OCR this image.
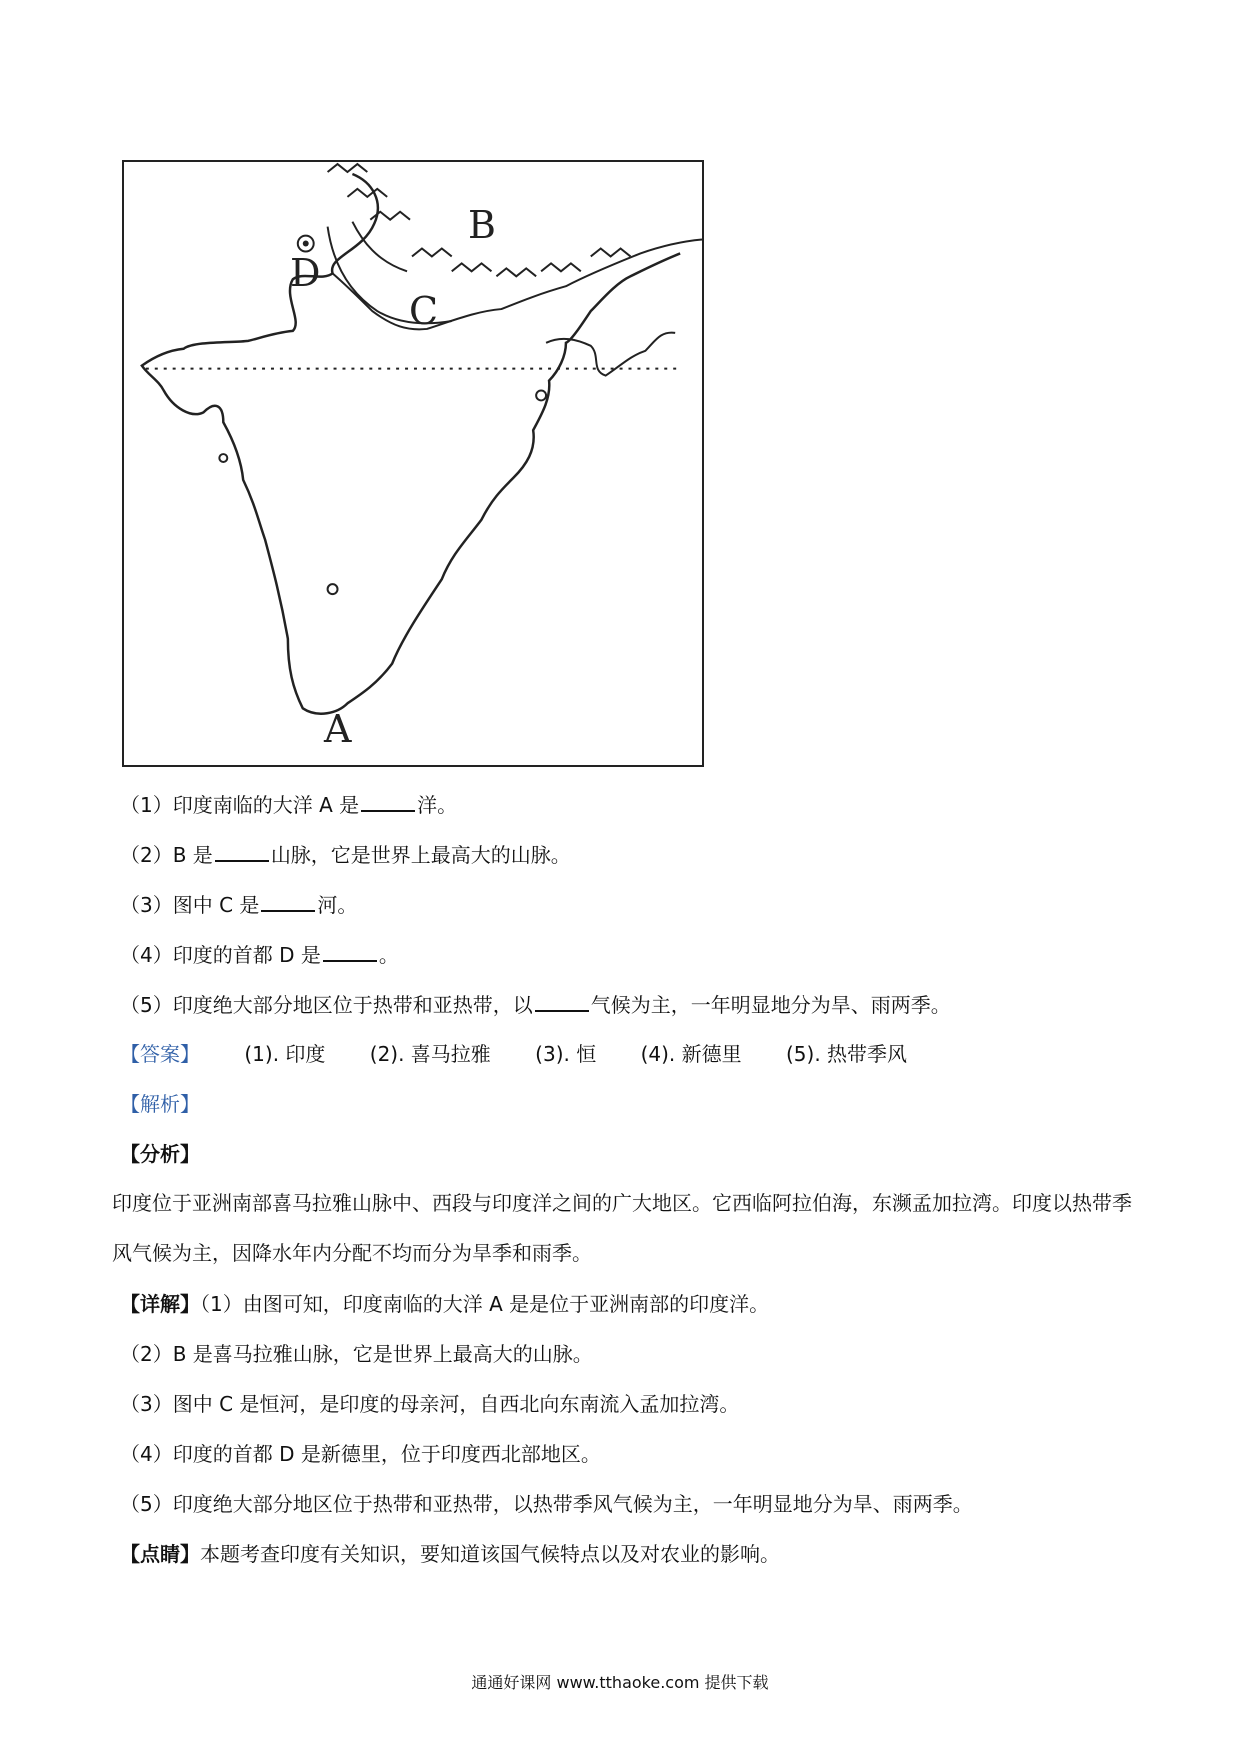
B
D
C
A
（1）印度南临的大洋 A 是	洋。
（2）B 是	山脉，它是世界上最高大的山脉。
（3）图中 C 是	河。
（4）印度的首都 D 是	。
（5）印度绝大部分地区位于热带和亚热带，以	气候为主，一年明显地分为旱、雨两季。
【答案】 (1). 印度 (2). 喜马拉雅 (3). 恒 (4). 新德里 (5). 热带季风
【解析】
【分析】
印度位于亚洲南部喜马拉雅山脉中、西段与印度洋之间的广大地区。它西临阿拉伯海，东濒孟加拉湾。印度以热带季风气候为主，因降水年内分配不均而分为旱季和雨季。
【详解】（1）由图可知，印度南临的大洋 A 是是位于亚洲南部的印度洋。
（2）B 是喜马拉雅山脉，它是世界上最高大的山脉。
（3）图中 C 是恒河，是印度的母亲河，自西北向东南流入孟加拉湾。
（4）印度的首都 D 是新德里，位于印度西北部地区。
（5）印度绝大部分地区位于热带和亚热带，以热带季风气候为主，一年明显地分为旱、雨两季。
【点睛】本题考查印度有关知识，要知道该国气候特点以及对农业的影响。
通通好课网 www.tthaoke.com 提供下载
